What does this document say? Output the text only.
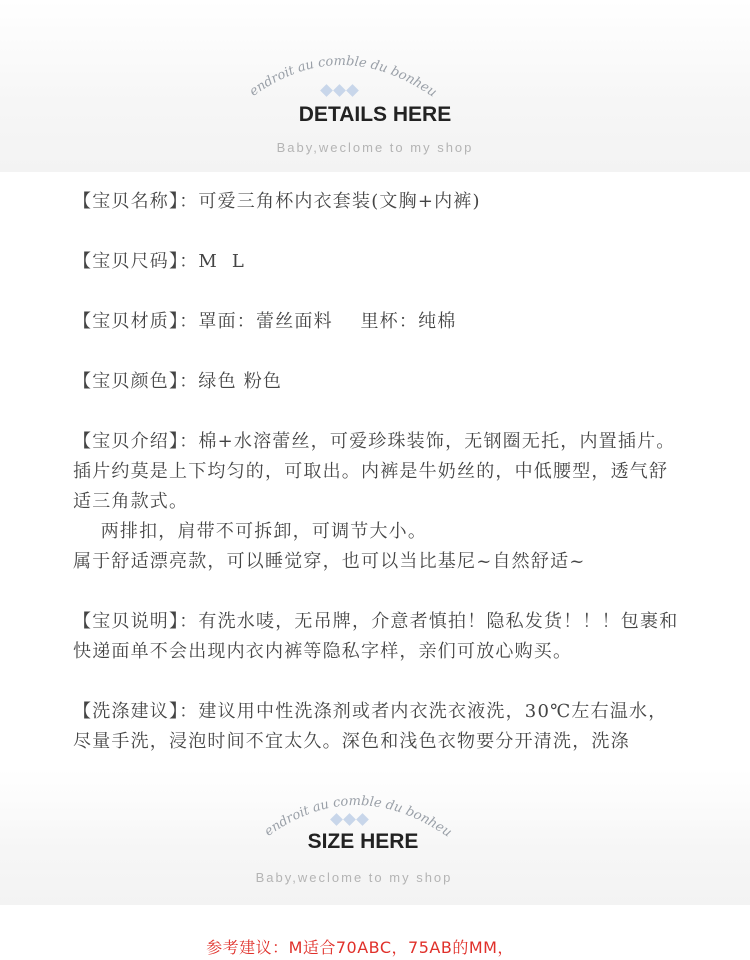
l'endroit au comble du bonheur
DETAILS HERE
Baby,weclome to my shop
【宝贝名称】：可爱三角杯内衣套装(文胸+内裤)
【宝贝尺码】：M  L
【宝贝材质】：罩面：蕾丝面料    里杯：纯棉
【宝贝颜色】：绿色 粉色
【宝贝介绍】：棉+水溶蕾丝，可爱珍珠装饰，无钢圈无托，内置插片。插片约莫是上下均匀的，可取出。内裤是牛奶丝的，中低腰型，透气舒适三角款式。
两排扣，肩带不可拆卸，可调节大小。
属于舒适漂亮款，可以睡觉穿，也可以当比基尼~自然舒适~
【宝贝说明】：有洗水唛，无吊牌，介意者慎拍！隐私发货！！！包裹和快递面单不会出现内衣内裤等隐私字样，亲们可放心购买。
【洗涤建议】：建议用中性洗涤剂或者内衣洗衣液洗，30℃左右温水，尽量手洗，浸泡时间不宜太久。深色和浅色衣物要分开清洗，洗涤
l'endroit au comble du bonheur
SIZE HERE
Baby,weclome to my shop
参考建议：M适合70ABC，75AB的MM，
